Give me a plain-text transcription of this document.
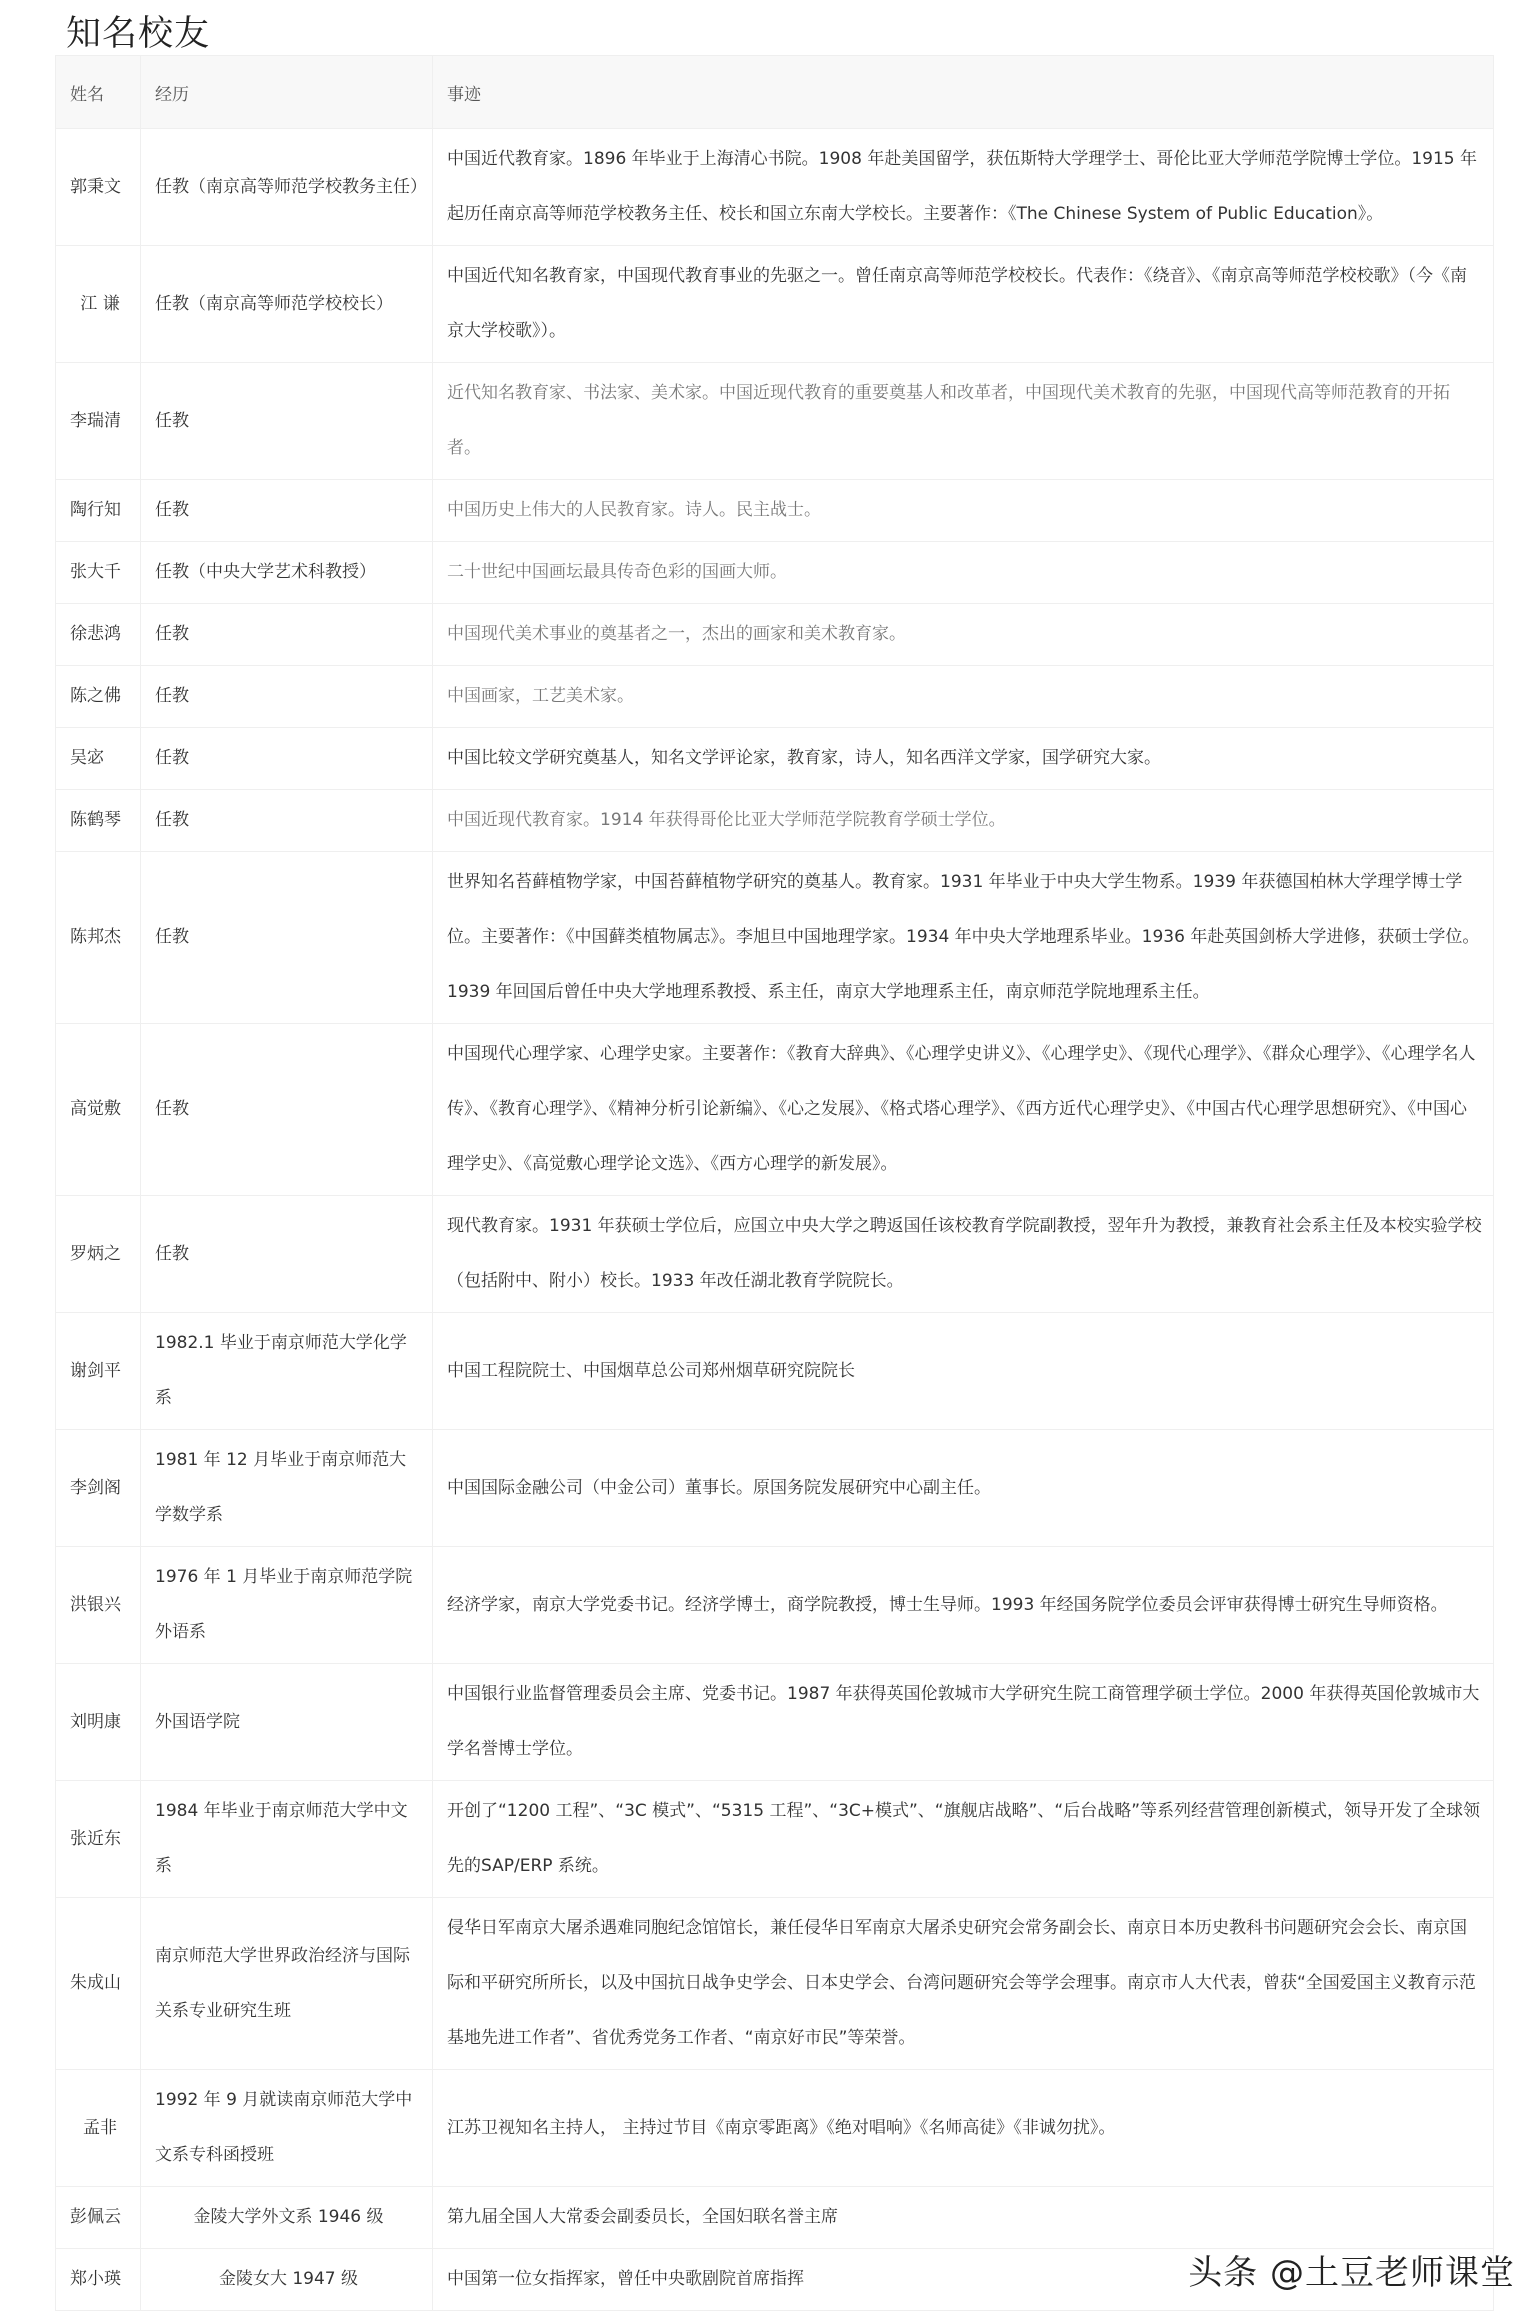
知名校友
姓名	经历	事迹
郭秉文	任教（南京高等师范学校教务主任）	中国近代教育家。1896 年毕业于上海清心书院。1908 年赴美国留学，获伍斯特大学理学士、哥伦比亚大学师范学院博士学位。1915 年起历任南京高等师范学校教务主任、校长和国立东南大学校长。主要著作：《The Chinese System of Public Education》。
江 谦	任教（南京高等师范学校校长）	中国近代知名教育家，中国现代教育事业的先驱之一。曾任南京高等师范学校校长。代表作：《绕音》、《南京高等师范学校校歌》（今《南京大学校歌》）。
李瑞清	任教	近代知名教育家、书法家、美术家。中国近现代教育的重要奠基人和改革者，中国现代美术教育的先驱，中国现代高等师范教育的开拓者。
陶行知	任教	中国历史上伟大的人民教育家。诗人。民主战士。
张大千	任教（中央大学艺术科教授）	二十世纪中国画坛最具传奇色彩的国画大师。
徐悲鸿	任教	中国现代美术事业的奠基者之一，杰出的画家和美术教育家。
陈之佛	任教	中国画家，工艺美术家。
吴宓	任教	中国比较文学研究奠基人，知名文学评论家，教育家，诗人，知名西洋文学家，国学研究大家。
陈鹤琴	任教	中国近现代教育家。1914 年获得哥伦比亚大学师范学院教育学硕士学位。
陈邦杰	任教	世界知名苔藓植物学家，中国苔藓植物学研究的奠基人。教育家。1931 年毕业于中央大学生物系。1939 年获德国柏林大学理学博士学位。主要著作：《中国藓类植物属志》。李旭旦中国地理学家。1934 年中央大学地理系毕业。1936 年赴英国剑桥大学进修，获硕士学位。1939 年回国后曾任中央大学地理系教授、系主任，南京大学地理系主任，南京师范学院地理系主任。
高觉敷	任教	中国现代心理学家、心理学史家。主要著作：《教育大辞典》、《心理学史讲义》、《心理学史》、《现代心理学》、《群众心理学》、《心理学名人传》、《教育心理学》、《精神分析引论新编》、《心之发展》、《格式塔心理学》、《西方近代心理学史》、《中国古代心理学思想研究》、《中国心理学史》、《高觉敷心理学论文选》、《西方心理学的新发展》。
罗炳之	任教	现代教育家。1931 年获硕士学位后，应国立中央大学之聘返国任该校教育学院副教授，翌年升为教授，兼教育社会系主任及本校实验学校（包括附中、附小）校长。1933 年改任湖北教育学院院长。
谢剑平	1982.1 毕业于南京师范大学化学系	中国工程院院士、中国烟草总公司郑州烟草研究院院长
李剑阁	1981 年 12 月毕业于南京师范大学数学系	中国国际金融公司（中金公司）董事长。原国务院发展研究中心副主任。
洪银兴	1976 年 1 月毕业于南京师范学院外语系	经济学家，南京大学党委书记。经济学博士，商学院教授，博士生导师。1993 年经国务院学位委员会评审获得博士研究生导师资格。
刘明康	外国语学院	中国银行业监督管理委员会主席、党委书记。1987 年获得英国伦敦城市大学研究生院工商管理学硕士学位。2000 年获得英国伦敦城市大学名誉博士学位。
张近东	1984 年毕业于南京师范大学中文系	开创了“1200 工程”、“3C 模式”、“5315 工程”、“3C+模式”、“旗舰店战略”、“后台战略”等系列经营管理创新模式，领导开发了全球领先的SAP/ERP 系统。
朱成山	南京师范大学世界政治经济与国际关系专业研究生班	侵华日军南京大屠杀遇难同胞纪念馆馆长，兼任侵华日军南京大屠杀史研究会常务副会长、南京日本历史教科书问题研究会会长、南京国际和平研究所所长，以及中国抗日战争史学会、日本史学会、台湾问题研究会等学会理事。南京市人大代表，曾获“全国爱国主义教育示范基地先进工作者”、省优秀党务工作者、“南京好市民”等荣誉。
孟非	1992 年 9 月就读南京师范大学中文系专科函授班	江苏卫视知名主持人， 主持过节目《南京零距离》《绝对唱响》《名师高徒》《非诚勿扰》。
彭佩云	金陵大学外文系 1946 级	第九届全国人大常委会副委员长，全国妇联名誉主席
郑小瑛	金陵女大 1947 级	中国第一位女指挥家，曾任中央歌剧院首席指挥	头条 @土豆老师课堂
